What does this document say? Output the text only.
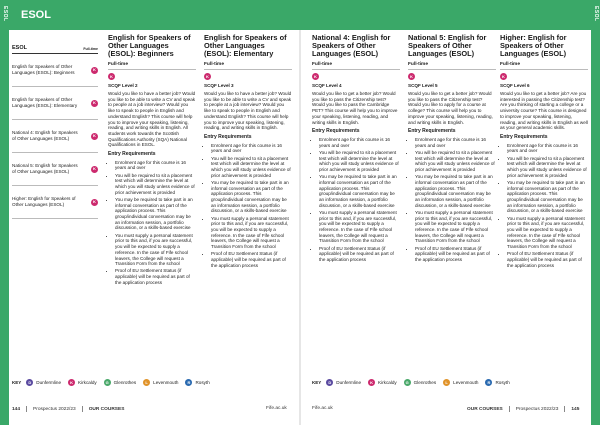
ESOL	ESOL
ESOL
ESOL	Full-time
English for Speakers of Other Languages (ESOL): Beginners
K
English for Speakers of Other Languages (ESOL): Elementary
K
National 4: English for Speakers of Other Languages (ESOL)
K
National 5: English for Speakers of Other Languages (ESOL)
K
Higher: English for Speakers of Other Languages (ESOL)
K
English for Speakers of Other Languages (ESOL): Beginners
Full-time
K
SCQF Level 2
Would you like to have a better job? Would you like to be able to write a CV and speak to people at a job interview? Would you like to speak to people in English and understand English? This course will help you to improve your speaking, listening, reading, and writing skills in English. All students work towards the Scottish Qualifications Authority (SQA) National Qualifications in ESOL.
Entry Requirements
• Enrolment age for this course is 16 years and over
• You will be required to sit a placement test which will determine the level at which you will study unless evidence of prior achievement is provided
• You may be required to take part in an informal conversation as part of the application process. This group/individual conversation may be an information session, a portfolio discussion, or a skills-based exercise
• You must supply a personal statement prior to this and, if you are successful, you will be expected to supply a reference. In the case of Fife school leavers, the College will request a Transition Form from the school
• Proof of EU Settlement Status (if applicable) will be required as part of the application process
English for Speakers of Other Languages (ESOL): Elementary
Full-time
K
SCQF Level 3
Would you like to have a better job? Would you like to be able to write a CV and speak to people at a job interview? Would you like to speak to people in English and understand English? This course will help you to improve your speaking, listening, reading, and writing skills in English.
Entry Requirements
• Enrolment age for this course is 16 years and over
• You will be required to sit a placement test which will determine the level at which you will study unless evidence of prior achievement is provided
• You may be required to take part in an informal conversation as part of the application process. This group/individual conversation may be an information session, a portfolio discussion, or a skills-based exercise
• You must supply a personal statement prior to this and, if you are successful, you will be expected to supply a reference. In the case of Fife school leavers, the College will request a Transition Form from the school
• Proof of EU Settlement Status (if applicable) will be required as part of the application process
National 4: English for Speakers of Other Languages (ESOL)
Full-time
K
SCQF Level 4
Would you like to get a better job? Would you like to pass the Citizenship test? Would you like to pass the Cambridge PET? This course will help you to improve your speaking, listening, reading, and writing skills in English.
Entry Requirements
• Enrolment age for this course is 16 years and over
• You will be required to sit a placement test which will determine the level at which you will study unless evidence of prior achievement is provided
• You may be required to take part in an informal conversation as part of the application process. This group/individual conversation may be an information session, a portfolio discussion, or a skills-based exercise
• You must supply a personal statement prior to this and, if you are successful, you will be expected to supply a reference. In the case of Fife school leavers, the College will request a Transition Form from the school
• Proof of EU Settlement Status (if applicable) will be required as part of the application process
National 5: English for Speakers of Other Languages (ESOL)
Full-time
K
SCQF Level 5
Would you like to get a better job? Would you like to pass the Citizenship test? Would you like to apply for a course at college? This course will help you to improve your speaking, listening, reading, and writing skills in English.
Entry Requirements
• Enrolment age for this course is 16 years and over
• You will be required to sit a placement test which will determine the level at which you will study unless evidence of prior achievement is provided
• You may be required to take part in an informal conversation as part of the application process. This group/individual conversation may be an information session, a portfolio discussion, or a skills-based exercise
• You must supply a personal statement prior to this and, if you are successful, you will be expected to supply a reference. In the case of Fife school leavers, the College will request a Transition Form from the school
• Proof of EU Settlement Status (if applicable) will be required as part of the application process
Higher: English for Speakers of Other Languages (ESOL)
Full-time
K
SCQF Level 6
Would you like to get a better job? Are you interested in passing the Citizenship test? Are you thinking of starting a college or a university course? This course is designed to improve your speaking, listening, reading, and writing skills in English as well as your general academic skills.
Entry Requirements
• Enrolment age for this course is 16 years and over
• You will be required to sit a placement test which will determine the level at which you will study unless evidence of prior achievement is provided
• You may be required to take part in an informal conversation as part of the application process. This group/individual conversation may be an information session, a portfolio discussion, or a skills-based exercise
• You must supply a personal statement prior to this and, if you are successful, you will be expected to supply a reference. In the case of Fife school leavers, the College will request a Transition Form from the school
• Proof of EU Settlement Status (if applicable) will be required as part of the application process
KEY	D	Dunfermline	K	Kirkcaldy	G	Glenrothes	L	Levenmouth	R	Rosyth	KEY	D	Dunfermline	K	Kirkcaldy	G	Glenrothes	L	Levenmouth	R	Rosyth
144	Prospectus 2022/23	OUR COURSES	Fife.ac.uk	Fife.ac.uk	OUR COURSES	Prospectus 2022/23	145
